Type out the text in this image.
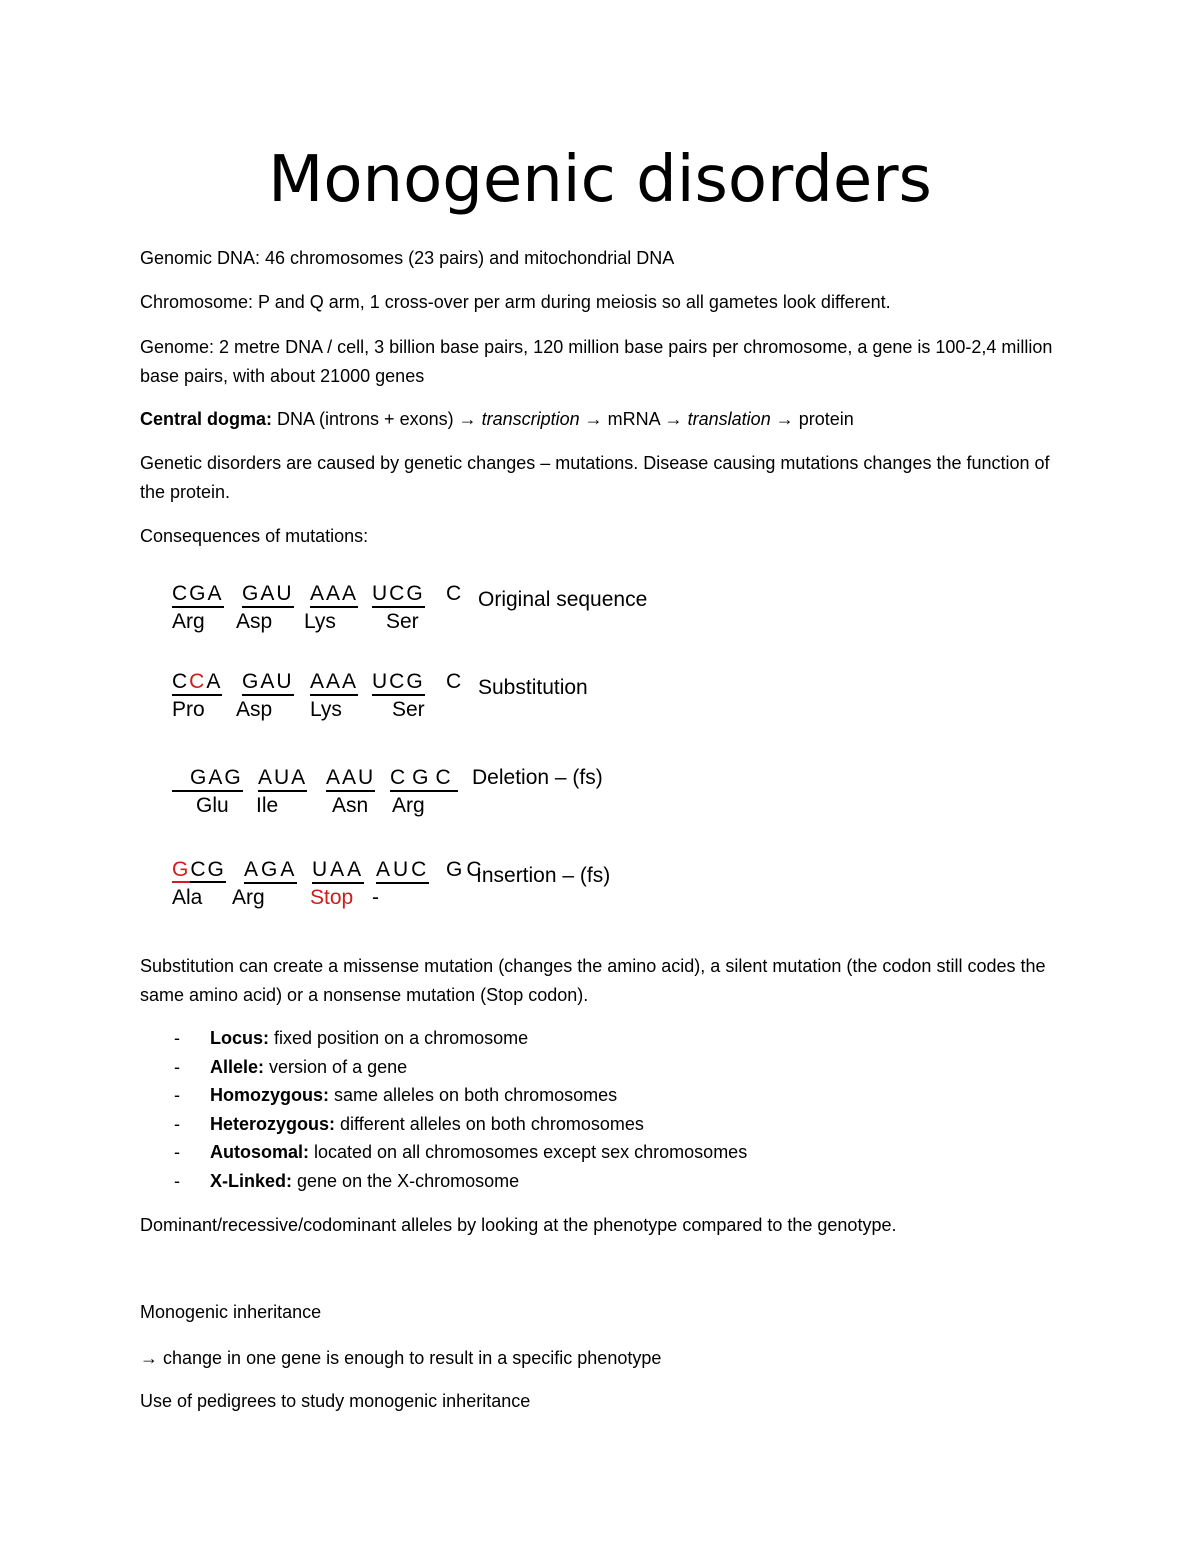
Monogenic disorders
Genomic DNA: 46 chromosomes (23 pairs) and mitochondrial DNA
Chromosome: P and Q arm, 1 cross-over per arm during meiosis so all gametes look different.
Genome: 2 metre DNA / cell, 3 billion base pairs, 120 million base pairs per chromosome, a gene is 100-2,4 million base pairs, with about 21000 genes
Central dogma: DNA (introns + exons) → transcription → mRNA → translation → protein
Genetic disorders are caused by genetic changes – mutations. Disease causing mutations changes the function of the protein.
Consequences of mutations:
CGA GAU AAA UCG C
Arg Asp Lys Ser
Original sequence
CCA GAU AAA UCG C
Pro Asp Lys Ser
Substitution
GAG AUA AAU CGC
Glu Ile	Asn Arg
Deletion – (fs)
GCG AGA UAA AUC GC
Ala Arg Stop -
Insertion – (fs)
Substitution can create a missense mutation (changes the amino acid), a silent mutation (the codon still codes the same amino acid) or a nonsense mutation (Stop codon).
- Locus: fixed position on a chromosome
- Allele: version of a gene
- Homozygous: same alleles on both chromosomes
- Heterozygous: different alleles on both chromosomes
- Autosomal: located on all chromosomes except sex chromosomes
- X-Linked: gene on the X-chromosome
Dominant/recessive/codominant alleles by looking at the phenotype compared to the genotype.
Monogenic inheritance
→ change in one gene is enough to result in a specific phenotype
Use of pedigrees to study monogenic inheritance
